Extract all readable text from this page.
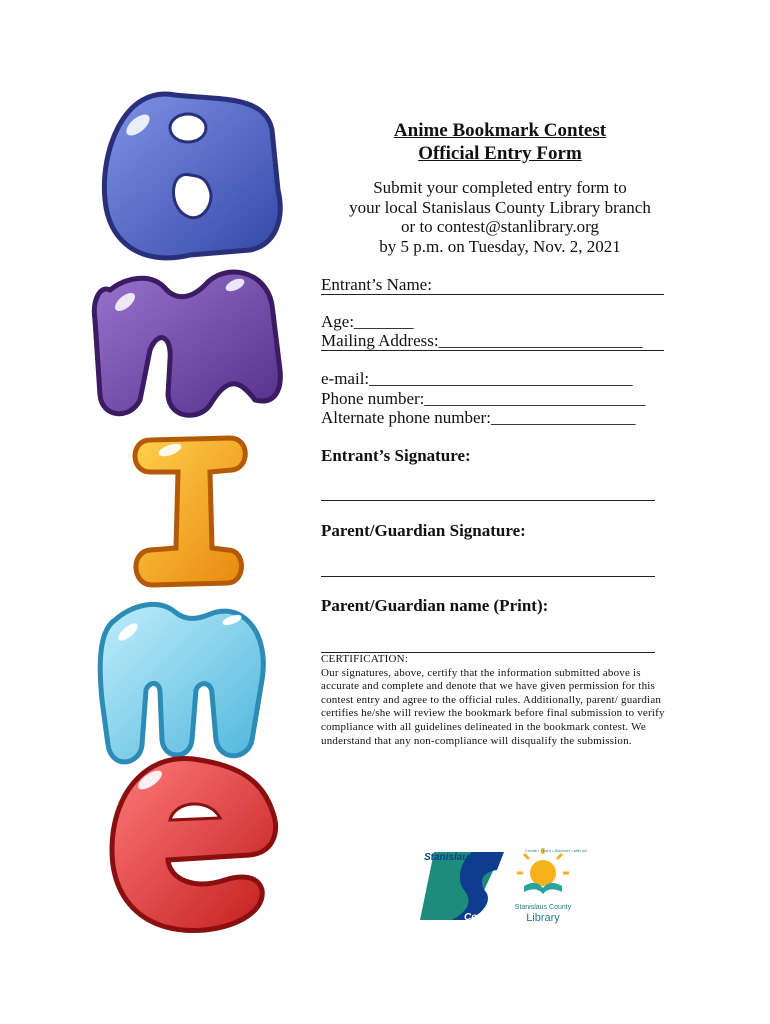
Anime Bookmark Contest
Official Entry Form
Submit your completed entry form to
your local Stanislaus County Library branch
or to contest@stanlibrary.org
by 5 p.m. on Tuesday, Nov. 2, 2021
Entrant’s Name:
Age:_______
Mailing Address:________________________
e-mail:_______________________________
Phone number:__________________________
Alternate phone number:_________________
Entrant’s Signature:
Parent/Guardian Signature:
Parent/Guardian name (Print):
CERTIFICATION:
Our signatures, above, certify that the information submitted above is accurate and complete and denote that we have given permission for this contest entry and agree to the official rules. Additionally, parent/ guardian certifies he/she will review the bookmark before final submission to verify compliance with all guidelines delineated in the bookmark contest. We understand that any non-compliance will disqualify the submission.
Stanislaus
County
Create • Learn • Discover • with us!
Stanislaus County
Library
